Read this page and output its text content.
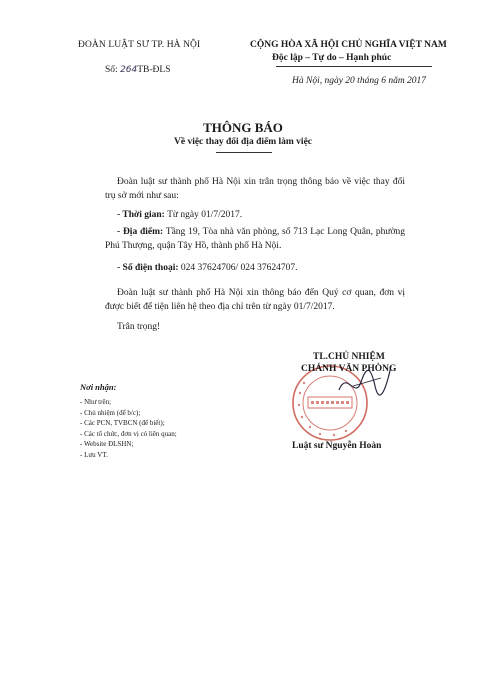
ĐOÀN LUẬT SƯ TP. HÀ NỘI
Số: 264TB-ĐLS
CỘNG HÒA XÃ HỘI CHỦ NGHĨA VIỆT NAM
Độc lập – Tự do – Hạnh phúc
Hà Nội, ngày 20 tháng 6 năm 2017
THÔNG BÁO
Về việc thay đổi địa điểm làm việc
Đoàn luật sư thành phố Hà Nội xin trân trọng thông báo về việc thay đổi trụ sở mới như sau:
- Thời gian: Từ ngày 01/7/2017.
- Địa điểm: Tầng 19, Tòa nhà văn phòng, số 713 Lạc Long Quân, phường Phú Thượng, quận Tây Hồ, thành phố Hà Nội.
- Số điện thoại: 024 37624706/ 024 37624707.
Đoàn luật sư thành phố Hà Nội xin thông báo đến Quý cơ quan, đơn vị được biết để tiện liên hệ theo địa chỉ trên từ ngày 01/7/2017.
Trân trọng!
Nơi nhận:
- Như trên;
- Chủ nhiệm (để b/c);
- Các PCN, TVBCN (để biết);
- Các tổ chức, đơn vị có liên quan;
- Website ĐLSHN;
- Lưu VT.
TL.CHỦ NHIỆM
CHÁNH VĂN PHÒNG
Luật sư Nguyễn Hoàn
